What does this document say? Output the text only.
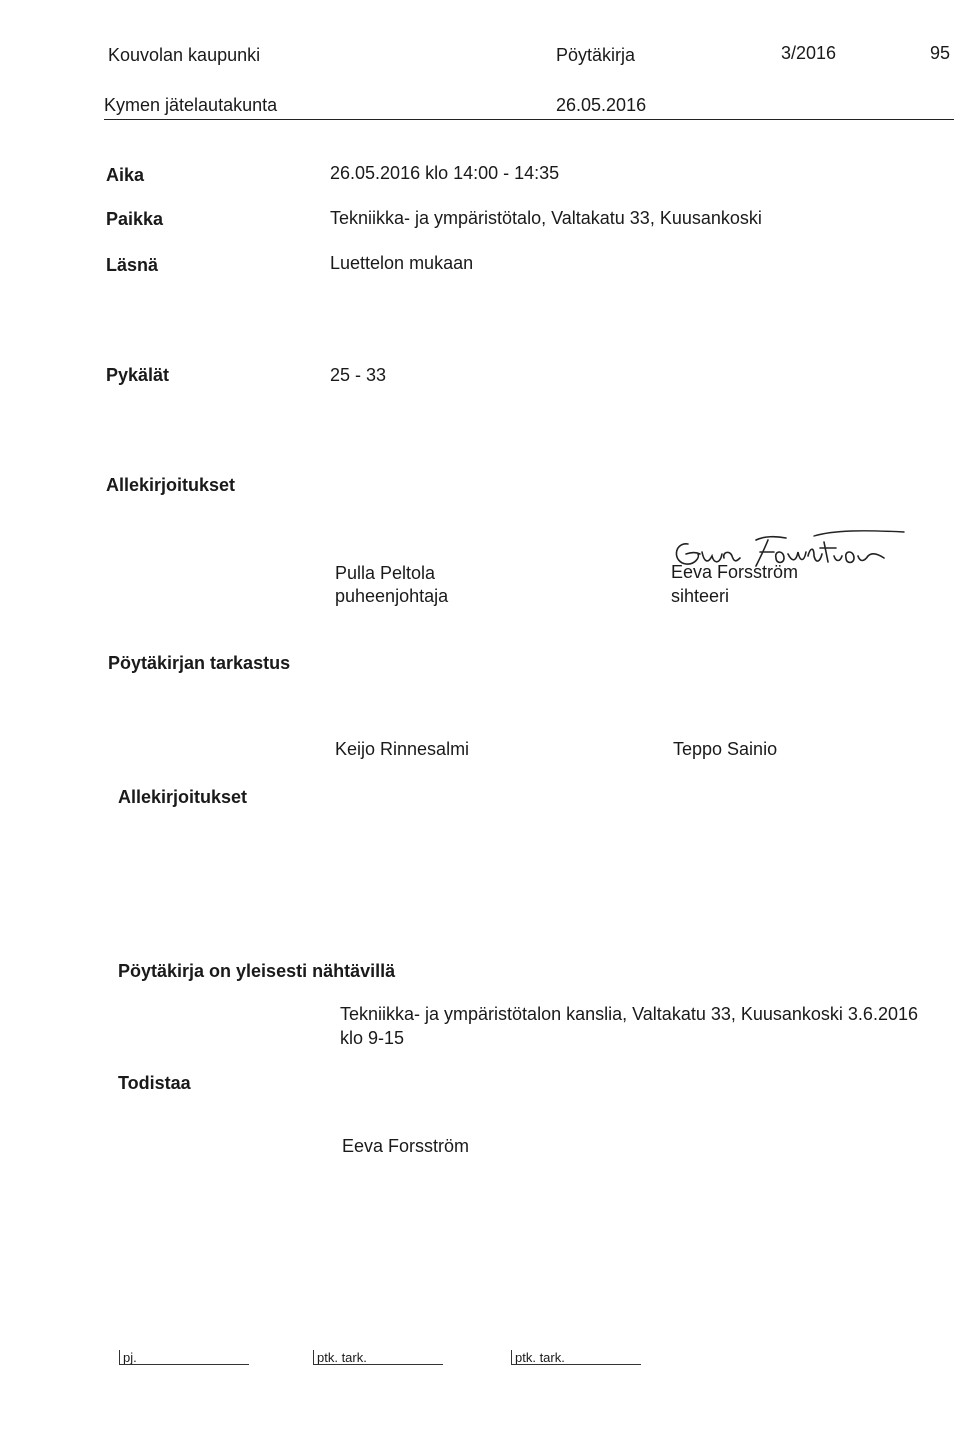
Kouvolan kaupunki	Pöytäkirja	3/2016	95
Kymen jätelautakunta	26.05.2016
Aika	26.05.2016 klo 14:00 - 14:35
Paikka	Tekniikka- ja ympäristötalo, Valtakatu 33, Kuusankoski
Läsnä	Luettelon mukaan
Pykälät	25 - 33
Allekirjoitukset
Pulla Peltola
puheenjohtaja
Eeva Forsström
sihteeri
Pöytäkirjan tarkastus
Keijo Rinnesalmi	Teppo Sainio
Allekirjoitukset
Pöytäkirja on yleisesti nähtävillä
Tekniikka- ja ympäristötalon kanslia, Valtakatu 33, Kuusankoski 3.6.2016
klo 9-15
Todistaa
Eeva Forsström
pj.	ptk. tark.	ptk. tark.
